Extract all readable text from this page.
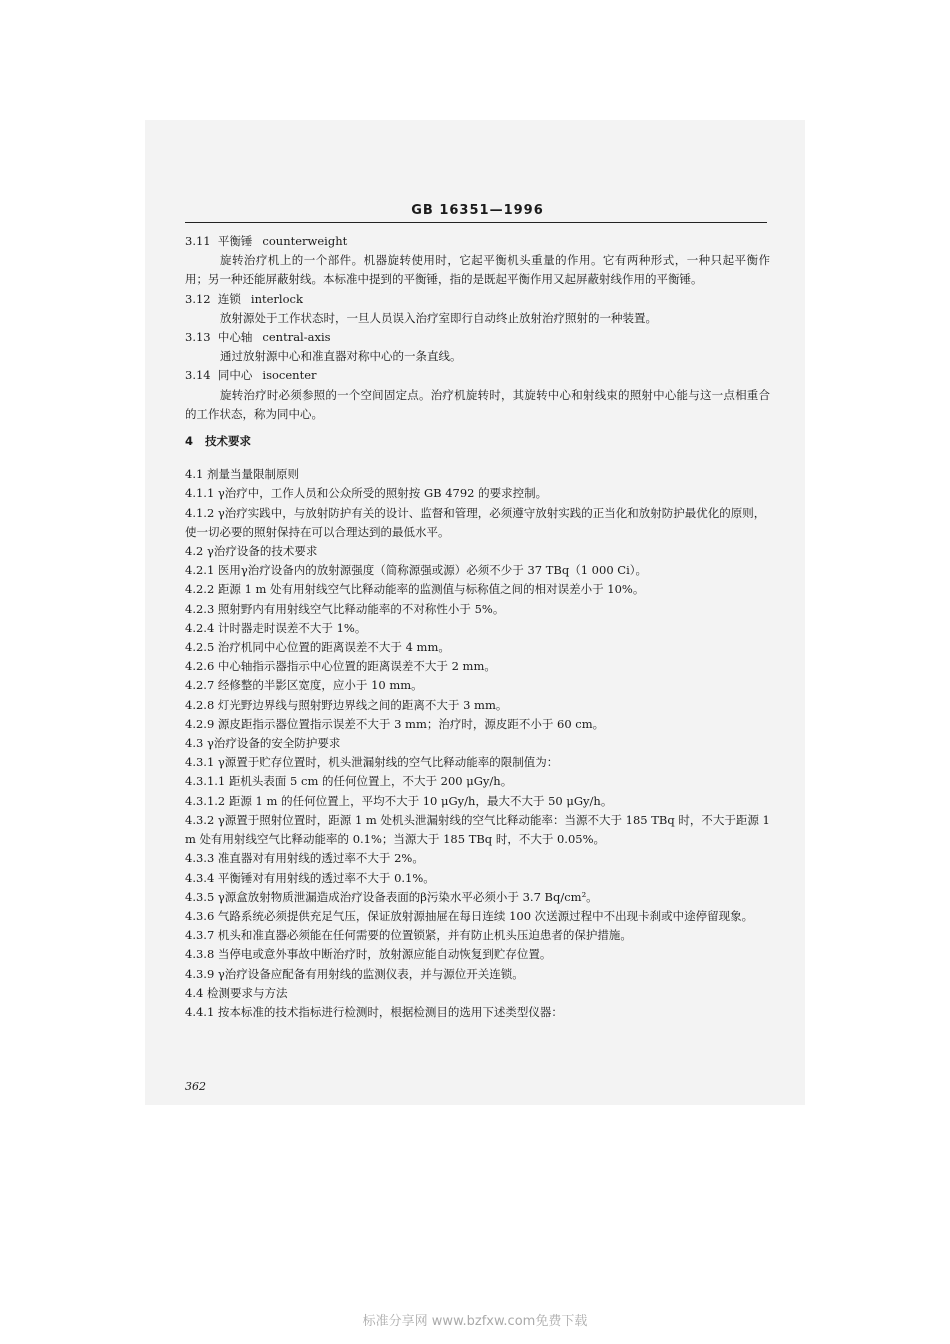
GB 16351—1996
3.11 平衡锤 counterweight
旋转治疗机上的一个部件。机器旋转使用时，它起平衡机头重量的作用。它有两种形式，一种只起平衡作用；另一种还能屏蔽射线。本标准中提到的平衡锤，指的是既起平衡作用又起屏蔽射线作用的平衡锤。
3.12 连锁 interlock
放射源处于工作状态时，一旦人员误入治疗室即行自动终止放射治疗照射的一种装置。
3.13 中心轴 central-axis
通过放射源中心和准直器对称中心的一条直线。
3.14 同中心 isocenter
旋转治疗时必须参照的一个空间固定点。治疗机旋转时，其旋转中心和射线束的照射中心能与这一点相重合的工作状态，称为同中心。
4 技术要求
4.1 剂量当量限制原则
4.1.1 γ治疗中，工作人员和公众所受的照射按 GB 4792 的要求控制。
4.1.2 γ治疗实践中，与放射防护有关的设计、监督和管理，必须遵守放射实践的正当化和放射防护最优化的原则，使一切必要的照射保持在可以合理达到的最低水平。
4.2 γ治疗设备的技术要求
4.2.1 医用γ治疗设备内的放射源强度（简称源强或源）必须不少于 37 TBq（1 000 Ci）。
4.2.2 距源 1 m 处有用射线空气比释动能率的监测值与标称值之间的相对误差小于 10%。
4.2.3 照射野内有用射线空气比释动能率的不对称性小于 5%。
4.2.4 计时器走时误差不大于 1%。
4.2.5 治疗机同中心位置的距离误差不大于 4 mm。
4.2.6 中心轴指示器指示中心位置的距离误差不大于 2 mm。
4.2.7 经修整的半影区宽度，应小于 10 mm。
4.2.8 灯光野边界线与照射野边界线之间的距离不大于 3 mm。
4.2.9 源皮距指示器位置指示误差不大于 3 mm；治疗时，源皮距不小于 60 cm。
4.3 γ治疗设备的安全防护要求
4.3.1 γ源置于贮存位置时，机头泄漏射线的空气比释动能率的限制值为：
4.3.1.1 距机头表面 5 cm 的任何位置上，不大于 200 μGy/h。
4.3.1.2 距源 1 m 的任何位置上，平均不大于 10 μGy/h，最大不大于 50 μGy/h。
4.3.2 γ源置于照射位置时，距源 1 m 处机头泄漏射线的空气比释动能率：当源不大于 185 TBq 时，不大于距源 1 m 处有用射线空气比释动能率的 0.1%；当源大于 185 TBq 时，不大于 0.05%。
4.3.3 准直器对有用射线的透过率不大于 2%。
4.3.4 平衡锤对有用射线的透过率不大于 0.1%。
4.3.5 γ源盒放射物质泄漏造成治疗设备表面的β污染水平必须小于 3.7 Bq/cm²。
4.3.6 气路系统必须提供充足气压，保证放射源抽屉在每日连续 100 次送源过程中不出现卡刹或中途停留现象。
4.3.7 机头和准直器必须能在任何需要的位置锁紧，并有防止机头压迫患者的保护措施。
4.3.8 当停电或意外事故中断治疗时，放射源应能自动恢复到贮存位置。
4.3.9 γ治疗设备应配备有用射线的监测仪表，并与源位开关连锁。
4.4 检测要求与方法
4.4.1 按本标准的技术指标进行检测时，根据检测目的选用下述类型仪器：
362
标准分享网 www.bzfxw.com免费下载
